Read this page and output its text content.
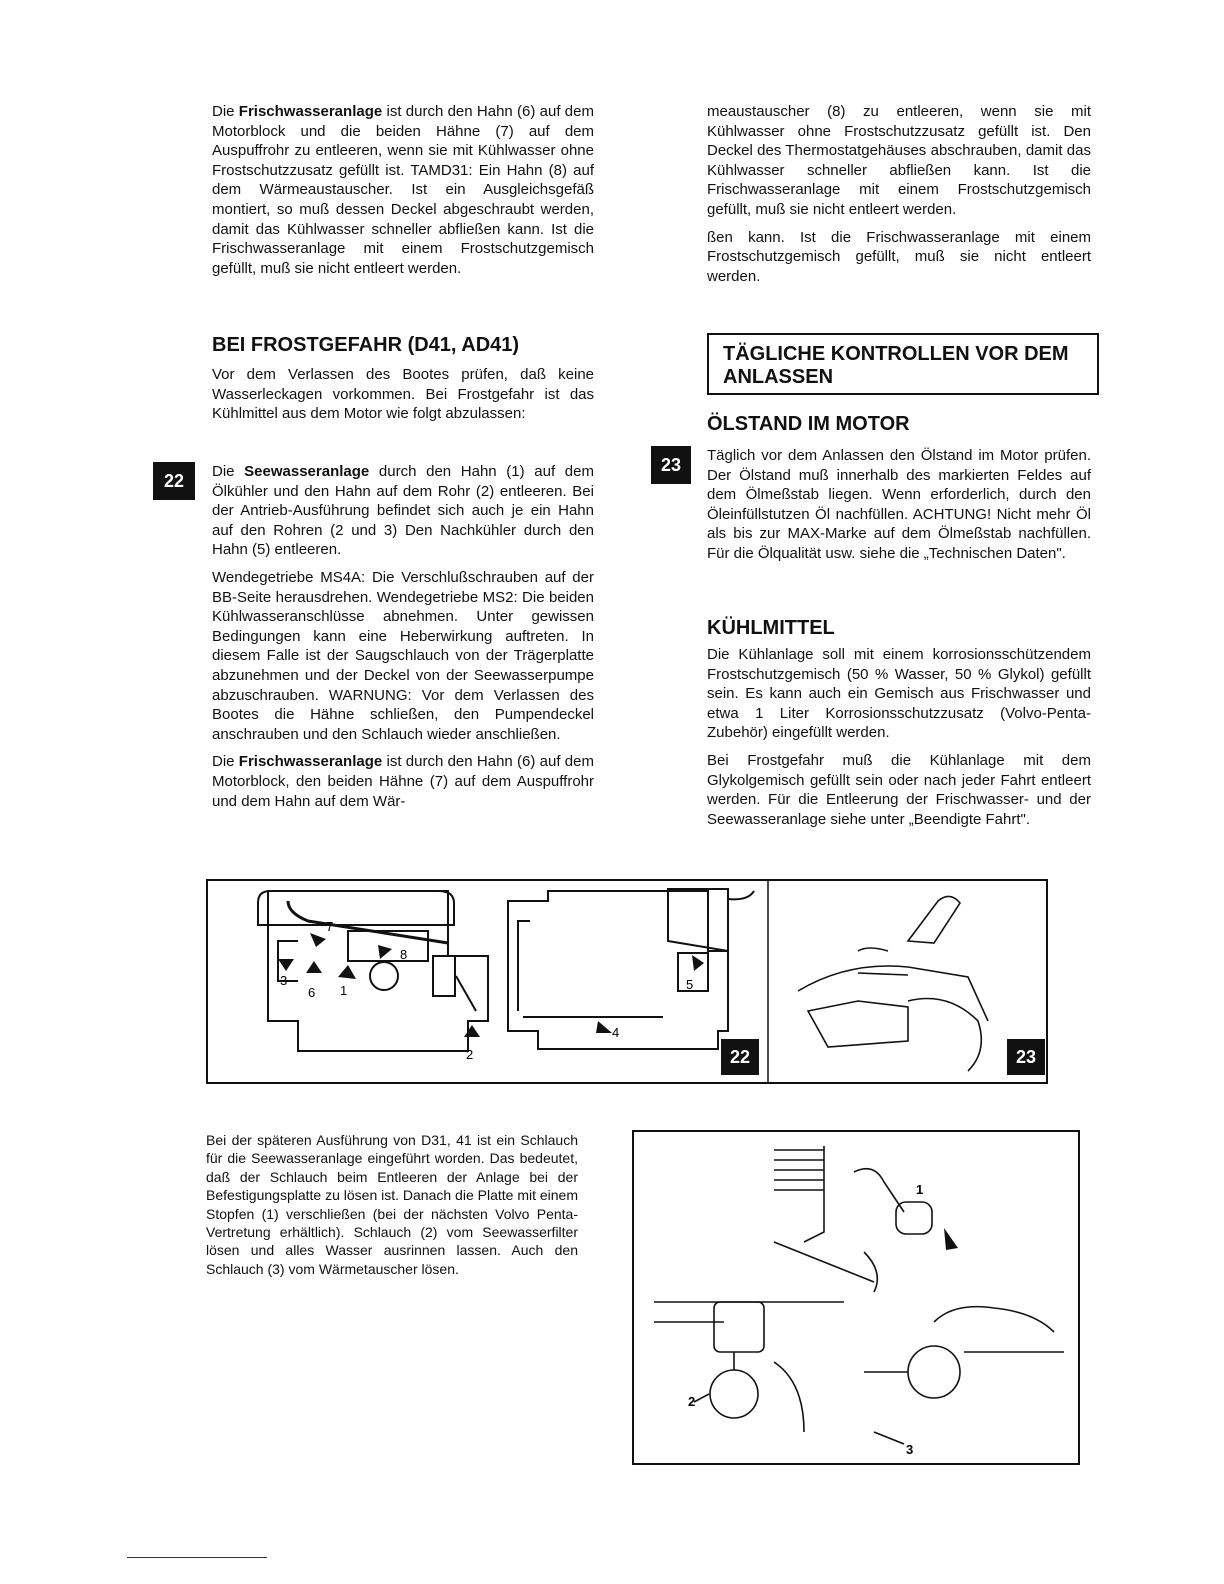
Die Frischwasseranlage ist durch den Hahn (6) auf dem Motorblock und die beiden Hähne (7) auf dem Auspuffrohr zu entleeren, wenn sie mit Kühlwasser ohne Frostschutzzusatz gefüllt ist. TAMD31: Ein Hahn (8) auf dem Wärmeaustauscher. Ist ein Ausgleichsgefäß montiert, so muß dessen Deckel abgeschraubt werden, damit das Kühlwasser schneller abfließen kann. Ist die Frischwasseranlage mit einem Frostschutzgemisch gefüllt, muß sie nicht entleert werden.

BEI FROSTGEFAHR (D41, AD41)

Vor dem Verlassen des Bootes prüfen, daß keine Wasserleckagen vorkommen. Bei Frostgefahr ist das Kühlmittel aus dem Motor wie folgt abzulassen:

22	Die Seewasseranlage durch den Hahn (1) auf dem Ölkühler und den Hahn auf dem Rohr (2) entleeren. Bei der Antrieb-Ausführung befindet sich auch je ein Hahn auf den Rohren (2 und 3) Den Nachkühler durch den Hahn (5) entleeren.

Wendegetriebe MS4A: Die Verschlußschrauben auf der BB-Seite herausdrehen. Wendegetriebe MS2: Die beiden Kühlwasseranschlüsse abnehmen. Unter gewissen Bedingungen kann eine Heberwirkung auftreten. In diesem Falle ist der Saugschlauch von der Trägerplatte abzunehmen und der Deckel von der Seewasserpumpe abzuschrauben. WARNUNG: Vor dem Verlassen des Bootes die Hähne schließen, den Pumpendeckel anschrauben und den Schlauch wieder anschließen.

Die Frischwasseranlage ist durch den Hahn (6) auf dem Motorblock, den beiden Hähne (7) auf dem Auspuffrohr und dem Hahn auf dem Wär-

meaustauscher (8) zu entleeren, wenn sie mit Kühlwasser ohne Frostschutzzusatz gefüllt ist. Den Deckel des Thermostatgehäuses abschrauben, damit das Kühlwasser schneller abfließen kann. Ist die Frischwasseranlage mit einem Frostschutzgemisch gefüllt, muß sie nicht entleert werden.

ßen kann. Ist die Frischwasseranlage mit einem Frostschutzgemisch gefüllt, muß sie nicht entleert werden.

TÄGLICHE KONTROLLEN VOR DEM ANLASSEN
ÖLSTAND IM MOTOR
23	Täglich vor dem Anlassen den Ölstand im Motor prüfen. Der Ölstand muß innerhalb des markierten Feldes auf dem Ölmeßstab liegen. Wenn erforderlich, durch den Öleinfüllstutzen Öl nachfüllen. ACHTUNG! Nicht mehr Öl als bis zur MAX-Marke auf dem Ölmeßstab nachfüllen. Für die Ölqualität usw. siehe die „Technischen Daten".

KÜHLMITTEL

Die Kühlanlage soll mit einem korrosionsschützendem Frostschutzgemisch (50 % Wasser, 50 % Glykol) gefüllt sein. Es kann auch ein Gemisch aus Frischwasser und etwa 1 Liter Korrosionsschutzzusatz (Volvo-Penta-Zubehör) eingefüllt werden.

Bei Frostgefahr muß die Kühlanlage mit dem Glykolgemisch gefüllt sein oder nach jeder Fahrt entleert werden. Für die Entleerung der Frischwasser- und der Seewasseranlage siehe unter „Beendigte Fahrt".

7
8
3
6 1
2
5
4
22	23

Bei der späteren Ausführung von D31, 41 ist ein Schlauch für die Seewasseranlage eingeführt worden. Das bedeutet, daß der Schlauch beim Entleeren der Anlage bei der Befestigungsplatte zu lösen ist. Danach die Platte mit einem Stopfen (1) verschließen (bei der nächsten Volvo Penta-Vertretung erhältlich). Schlauch (2) vom Seewasserfilter lösen und alles Wasser ausrinnen lassen. Auch den Schlauch (3) vom Wärmetauscher lösen.

1
2
3
